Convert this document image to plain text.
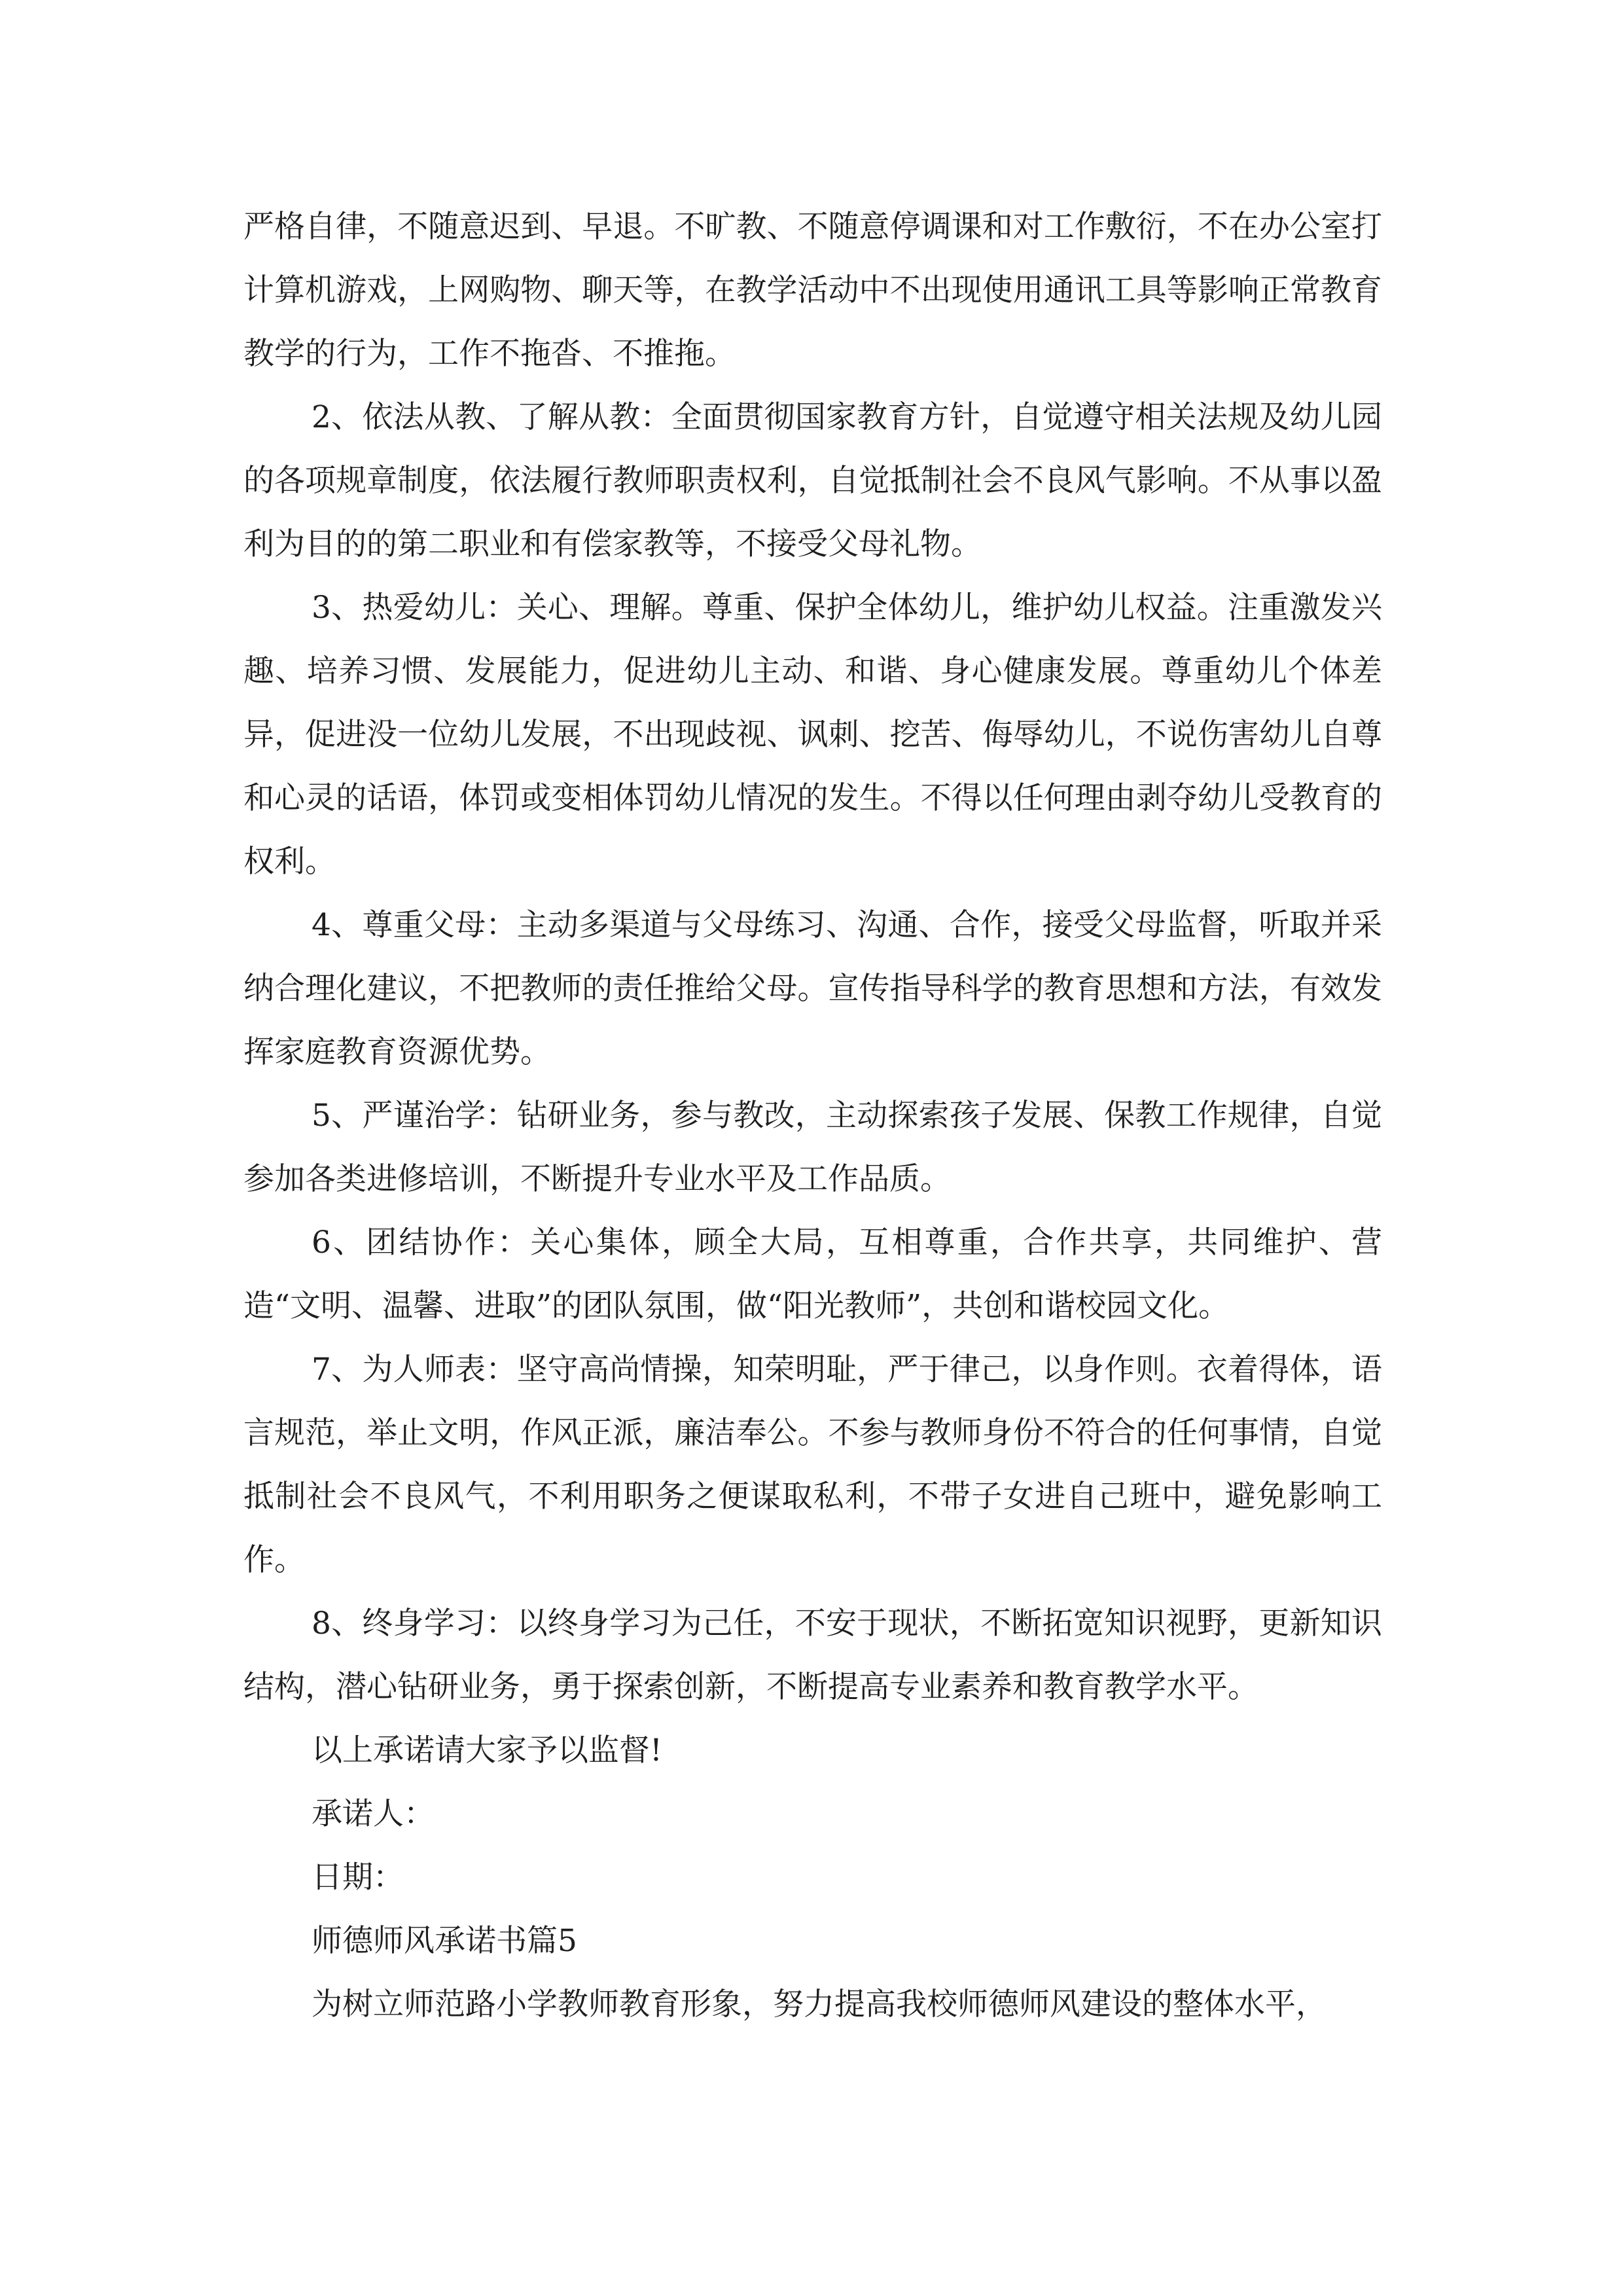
严格自律，不随意迟到、早退。不旷教、不随意停调课和对工作敷衍，不在办公室打计算机游戏，上网购物、聊天等，在教学活动中不出现使用通讯工具等影响正常教育教学的行为，工作不拖沓、不推拖。

2、依法从教、了解从教：全面贯彻国家教育方针，自觉遵守相关法规及幼儿园的各项规章制度，依法履行教师职责权利，自觉抵制社会不良风气影响。不从事以盈利为目的的第二职业和有偿家教等，不接受父母礼物。

3、热爱幼儿：关心、理解。尊重、保护全体幼儿，维护幼儿权益。注重激发兴趣、培养习惯、发展能力，促进幼儿主动、和谐、身心健康发展。尊重幼儿个体差异，促进没一位幼儿发展，不出现歧视、讽刺、挖苦、侮辱幼儿，不说伤害幼儿自尊和心灵的话语，体罚或变相体罚幼儿情况的发生。不得以任何理由剥夺幼儿受教育的权利。

4、尊重父母：主动多渠道与父母练习、沟通、合作，接受父母监督，听取并采纳合理化建议，不把教师的责任推给父母。宣传指导科学的教育思想和方法，有效发挥家庭教育资源优势。

5、严谨治学：钻研业务，参与教改，主动探索孩子发展、保教工作规律，自觉参加各类进修培训，不断提升专业水平及工作品质。

6、团结协作：关心集体，顾全大局，互相尊重，合作共享，共同维护、营造“文明、温馨、进取”的团队氛围，做“阳光教师”，共创和谐校园文化。

7、为人师表：坚守高尚情操，知荣明耻，严于律己，以身作则。衣着得体，语言规范，举止文明，作风正派，廉洁奉公。不参与教师身份不符合的任何事情，自觉抵制社会不良风气，不利用职务之便谋取私利，不带子女进自己班中，避免影响工作。

8、终身学习：以终身学习为己任，不安于现状，不断拓宽知识视野，更新知识结构，潜心钻研业务，勇于探索创新，不断提高专业素养和教育教学水平。

以上承诺请大家予以监督!

承诺人：

日期：

师德师风承诺书篇5

为树立师范路小学教师教育形象，努力提高我校师德师风建设的整体水平，
